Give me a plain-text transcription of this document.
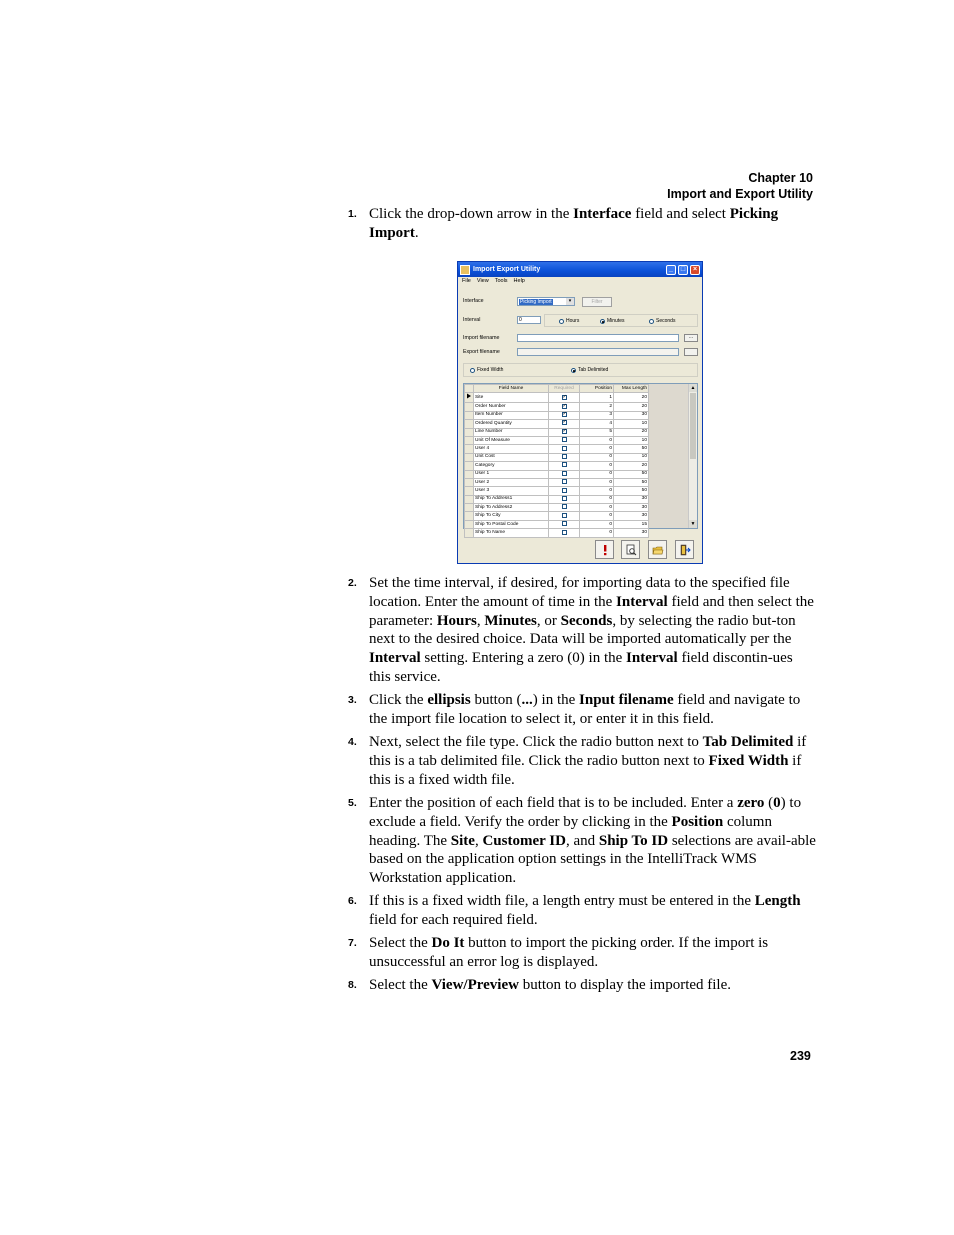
Chapter 10
Import and Export Utility
1. Click the drop-down arrow in the Interface field and select Picking Import.
Import Export Utility	_	□	×
File View Tools Help
Interface	Picking Import	▾	Filter
Interval	0	Hours	Minutes	Seconds
Import filename	...
Export filename
Fixed Width	Tab Delimited
	Field Name	Required	Position	Max Length
	Site	✓	1	20
	Order Number	✓	2	20
	Item Number	✓	3	30
	Ordered Quantity	✓	4	10
	Line Number	✓	5	20
	Unit Of Measure		0	10
	User 4		0	50
	Unit Cost		0	10
	Category		0	20
	User 1		0	50
	User 2		0	50
	User 3		0	50
	Ship To Address1		0	30
	Ship To Address2		0	30
	Ship To City		0	30
	Ship To Postal Code		0	15
	Ship To Name		0	30
▲
▼
2. Set the time interval, if desired, for importing data to the specified file location. Enter the amount of time in the Interval field and then select the parameter: Hours, Minutes, or Seconds, by selecting the radio but-ton next to the desired choice. Data will be imported automatically per the Interval setting. Entering a zero (0) in the Interval field discontin-ues this service.
3. Click the ellipsis button (...) in the Input filename field and navigate to the import file location to select it, or enter it in this field.
4. Next, select the file type. Click the radio button next to Tab Delimited if this is a tab delimited file. Click the radio button next to Fixed Width if this is a fixed width file.
5. Enter the position of each field that is to be included. Enter a zero (0) to exclude a field. Verify the order by clicking in the Position column heading. The Site, Customer ID, and Ship To ID selections are avail-able based on the application option settings in the IntelliTrack WMS Workstation application.
6. If this is a fixed width file, a length entry must be entered in the Length field for each required field.
7. Select the Do It button to import the picking order. If the import is unsuccessful an error log is displayed.
8. Select the View/Preview button to display the imported file.
239
